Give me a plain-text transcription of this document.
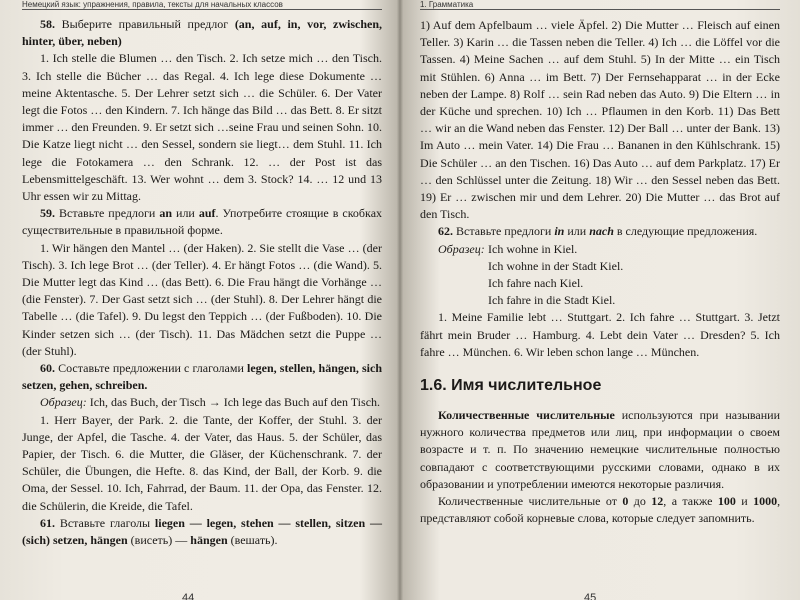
Немецкий язык: упражнения, правила, тексты для начальных классов

58. Выберите правильный предлог (an, auf, in, vor, zwischen, hinter, über, neben)

1. Ich stelle die Blumen … den Tisch. 2. Ich setze mich … den Tisch. 3. Ich stelle die Bücher … das Regal. 4. Ich lege diese Dokumente … meine Aktentasche. 5. Der Lehrer setzt sich … die Schüler. 6. Der Vater legt die Fotos … den Kindern. 7. Ich hänge das Bild … das Bett. 8. Er sitzt immer … den Freunden. 9. Er setzt sich …seine Frau und seinen Sohn. 10. Die Katze liegt nicht … den Sessel, sondern sie liegt… dem Stuhl. 11. Ich lege die Fotokamera … den Schrank. 12. … der Post ist das Lebensmittelgeschäft. 13. Wer wohnt … dem 3. Stock? 14. … 12 und 13 Uhr essen wir zu Mittag.

59. Вставьте предлоги an или auf. Употребите стоящие в скобках существительные в правильной форме.

1. Wir hängen den Mantel … (der Haken). 2. Sie stellt die Vase … (der Tisch). 3. Ich lege Brot … (der Teller). 4. Er hängt Fotos … (die Wand). 5. Die Mutter legt das Kind … (das Bett). 6. Die Frau hängt die Vorhänge … (die Fenster). 7. Der Gast setzt sich … (der Stuhl). 8. Der Lehrer hängt die Tabelle … (die Tafel). 9. Du legst den Teppich … (der Fußboden). 10. Die Kinder setzen sich … (der Tisch). 11. Das Mädchen setzt die Puppe … (der Stuhl).

60. Составьте предложении с глаголами legen, stellen, hängen, sich setzen, gehen, schreiben.

Образец: Ich, das Buch, der Tisch → Ich lege das Buch auf den Tisch.

1. Herr Bayer, der Park. 2. die Tante, der Koffer, der Stuhl. 3. der Junge, der Apfel, die Tasche. 4. der Vater, das Haus. 5. der Schüler, das Papier, der Tisch. 6. die Mutter, die Gläser, der Küchenschrank. 7. der Schüler, die Übungen, die Hefte. 8. das Kind, der Ball, der Korb. 9. die Oma, der Sessel. 10. Ich, Fahrrad, der Baum. 11. der Opa, das Fenster. 12. die Schülerin, die Kreide, die Tafel.

61. Вставьте глаголы liegen — legen, stehen — stellen, sitzen — (sich) setzen, hängen (висеть) — hängen (вешать).

44
1. Грамматика

1) Auf dem Apfelbaum … viele Äpfel. 2) Die Mutter … Fleisch auf einen Teller. 3) Karin … die Tassen neben die Teller. 4) Ich … die Löffel vor die Tassen. 4) Meine Sachen … auf dem Stuhl. 5) In der Mitte … ein Tisch mit Stühlen. 6) Anna … im Bett. 7) Der Fernsehapparat … in der Ecke neben der Lampe. 8) Rolf … sein Rad neben das Auto. 9) Die Eltern … in der Küche und sprechen. 10) Ich … Pflaumen in den Korb. 11) Das Bett … wir an die Wand neben das Fenster. 12) Der Ball … unter der Bank. 13) Im Auto … mein Vater. 14) Die Frau … Bananen in den Kühlschrank. 15) Die Schüler … an den Tischen. 16) Das Auto … auf dem Parkplatz. 17) Er … den Schlüssel unter die Zeitung. 18) Wir … den Sessel neben das Bett. 19) Er … zwischen mir und dem Lehrer. 20) Die Mutter … das Brot auf den Tisch.

62. Вставьте предлоги in или nach в следующие предложения.

Образец: Ich wohne in Kiel.
Ich wohne in der Stadt Kiel.
Ich fahre nach Kiel.
Ich fahre in die Stadt Kiel.

1. Meine Familie lebt … Stuttgart. 2. Ich fahre … Stuttgart. 3. Jetzt fährt mein Bruder … Hamburg. 4. Lebt dein Vater … Dresden? 5. Ich fahre … München. 6. Wir leben schon lange … München.

1.6. Имя числительное

Количественные числительные используются при назывании нужного количества предметов или лиц, при информации о своем возрасте и т. п. По значению немецкие числительные полностью совпадают с соответствующими русскими словами, однако в их образовании и употреблении имеются некоторые различия.

Количественные числительные от 0 до 12, а также 100 и 1000, представляют собой корневые слова, которые следует запомнить.

45
